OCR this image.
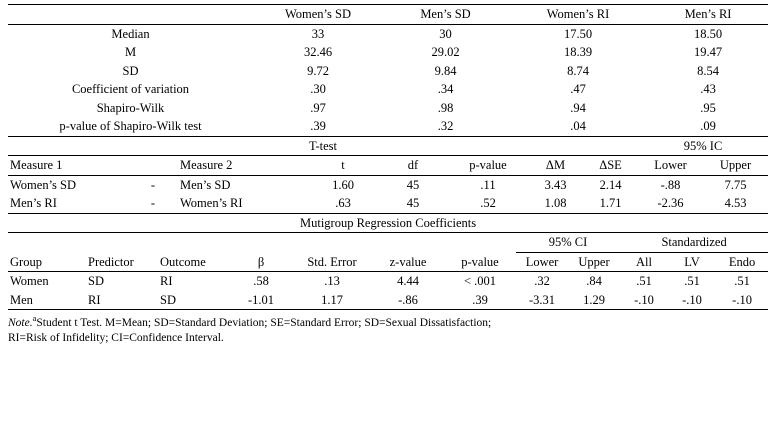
	Women’s SD	Men’s SD	Women’s RI	Men’s RI
Median	33	30	17.50	18.50
M	32.46	29.02	18.39	19.47
SD	9.72	9.84	8.74	8.54
Coefficient of variation	.30	.34	.47	.43
Shapiro-Wilk	.97	.98	.94	.95
p-value of Shapiro-Wilk test	.39	.32	.04	.09
T-test								95% IC	
Measure 1		Measure 2	t	df	p-value	ΔM	ΔSE	Lower	Upper
Women’s SD	-	Men’s SD	1.60	45	.11	3.43	2.14	-.88	7.75
Men’s RI	-	Women’s RI	.63	45	.52	1.08	1.71	-2.36	4.53
Mutigroup Regression Coefficients											
							95% CI		Standardized		
Group	Predictor	Outcome	β	Std. Error	z-value	p-value	Lower	Upper	All	LV	Endo
Women	SD	RI	.58	.13	4.44	< .001	.32	.84	.51	.51	.51
Men	RI	SD	-1.01	1.17	-.86	.39	-3.31	1.29	-.10	-.10	-.10
Note.$^a$Student t Test. M=Mean; SD=Standard Deviation; SE=Standard Error; SD=Sexual Dissatisfaction;
RI=Risk of Infidelity; CI=Confidence Interval.
